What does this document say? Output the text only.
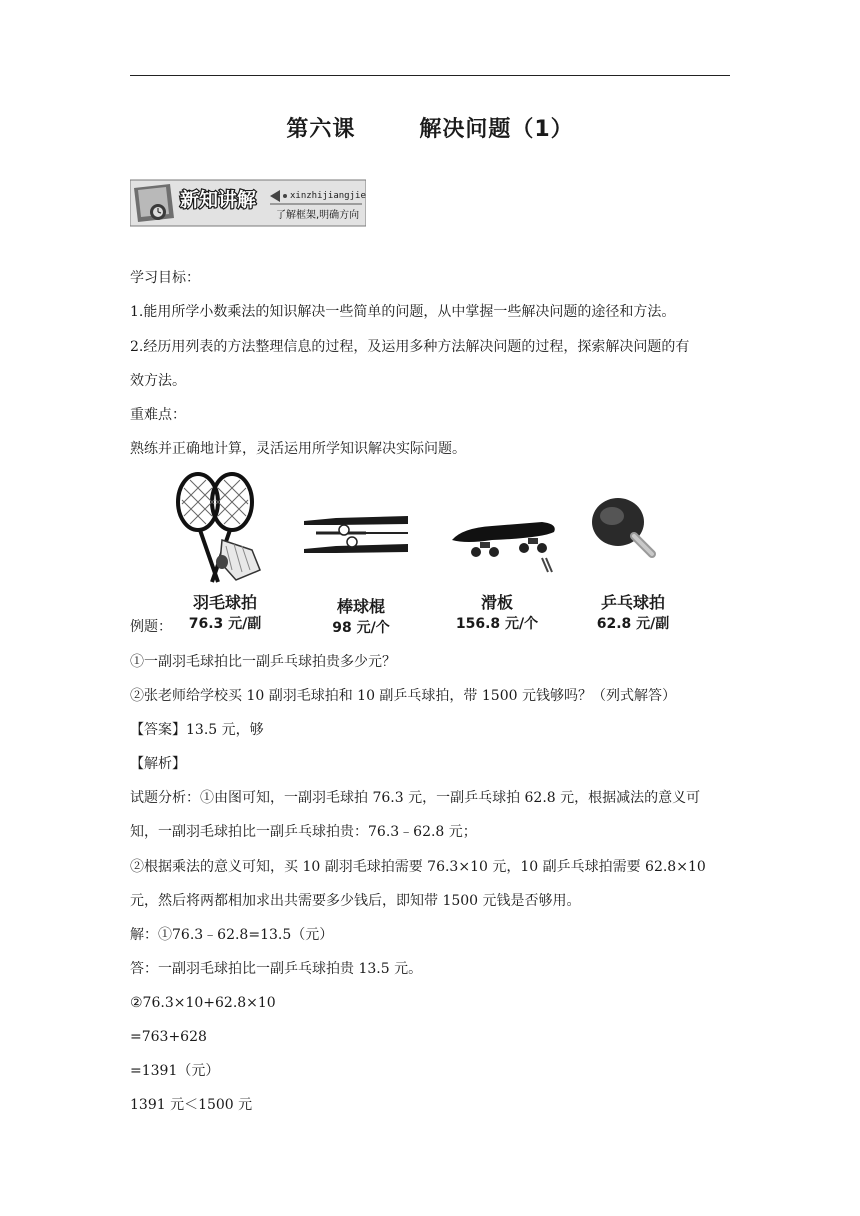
第六课	解决问题（1）
新知讲解	xinzhijiangjie
了解框架,明确方向
学习目标：
1.能用所学小数乘法的知识解决一些简单的问题，从中掌握一些解决问题的途径和方法。
2.经历用列表的方法整理信息的过程，及运用多种方法解决问题的过程，探索解决问题的有
效方法。
重难点：
熟练并正确地计算，灵活运用所学知识解决实际问题。
羽毛球拍
76.3 元/副
棒球棍
98 元/个
滑板
156.8 元/个
乒乓球拍
62.8 元/副
例题：
①一副羽毛球拍比一副乒乓球拍贵多少元？
②张老师给学校买 10 副羽毛球拍和 10 副乒乓球拍，带 1500 元钱够吗？（列式解答）
【答案】13.5 元，够
【解析】
试题分析：①由图可知，一副羽毛球拍 76.3 元，一副乒乓球拍 62.8 元，根据减法的意义可
知，一副羽毛球拍比一副乒乓球拍贵：76.3﹣62.8 元；
②根据乘法的意义可知，买 10 副羽毛球拍需要 76.3×10 元，10 副乒乓球拍需要 62.8×10
元，然后将两都相加求出共需要多少钱后，即知带 1500 元钱是否够用。
解：①76.3﹣62.8=13.5（元）
答：一副羽毛球拍比一副乒乓球拍贵 13.5 元。
②76.3×10+62.8×10
=763+628
=1391（元）
1391 元＜1500 元
